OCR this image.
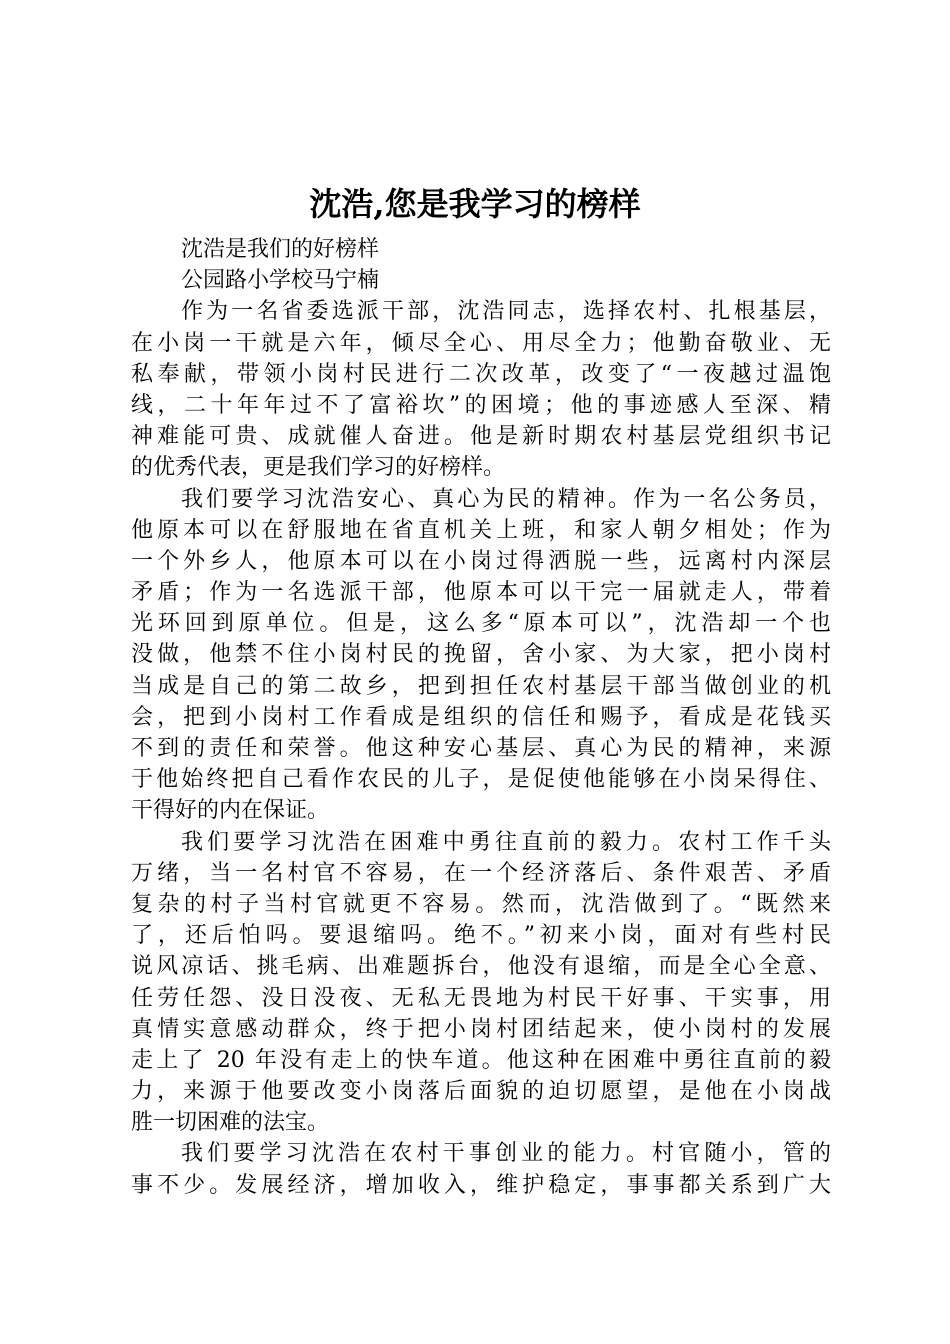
沈浩,您是我学习的榜样
沈浩是我们的好榜样
公园路小学校马宁楠
作为一名省委选派干部，沈浩同志，选择农村、扎根基层，
在小岗一干就是六年，倾尽全心、用尽全力；他勤奋敬业、无
私奉献，带领小岗村民进行二次改革，改变了“一夜越过温饱
线，二十年年过不了富裕坎”的困境；他的事迹感人至深、精
神难能可贵、成就催人奋进。他是新时期农村基层党组织书记
的优秀代表，更是我们学习的好榜样。
我们要学习沈浩安心、真心为民的精神。作为一名公务员，
他原本可以在舒服地在省直机关上班，和家人朝夕相处；作为
一个外乡人，他原本可以在小岗过得洒脱一些，远离村内深层
矛盾；作为一名选派干部，他原本可以干完一届就走人，带着
光环回到原单位。但是，这么多“原本可以”，沈浩却一个也
没做，他禁不住小岗村民的挽留，舍小家、为大家，把小岗村
当成是自己的第二故乡，把到担任农村基层干部当做创业的机
会，把到小岗村工作看成是组织的信任和赐予，看成是花钱买
不到的责任和荣誉。他这种安心基层、真心为民的精神，来源
于他始终把自己看作农民的儿子，是促使他能够在小岗呆得住、
干得好的内在保证。
我们要学习沈浩在困难中勇往直前的毅力。农村工作千头
万绪，当一名村官不容易，在一个经济落后、条件艰苦、矛盾
复杂的村子当村官就更不容易。然而，沈浩做到了。“既然来
了，还后怕吗。要退缩吗。绝不。”初来小岗，面对有些村民
说风凉话、挑毛病、出难题拆台，他没有退缩，而是全心全意、
任劳任怨、没日没夜、无私无畏地为村民干好事、干实事，用
真情实意感动群众，终于把小岗村团结起来，使小岗村的发展
走上了 20 年没有走上的快车道。他这种在困难中勇往直前的毅
力，来源于他要改变小岗落后面貌的迫切愿望，是他在小岗战
胜一切困难的法宝。
我们要学习沈浩在农村干事创业的能力。村官随小，管的
事不少。发展经济，增加收入，维护稳定，事事都关系到广大
